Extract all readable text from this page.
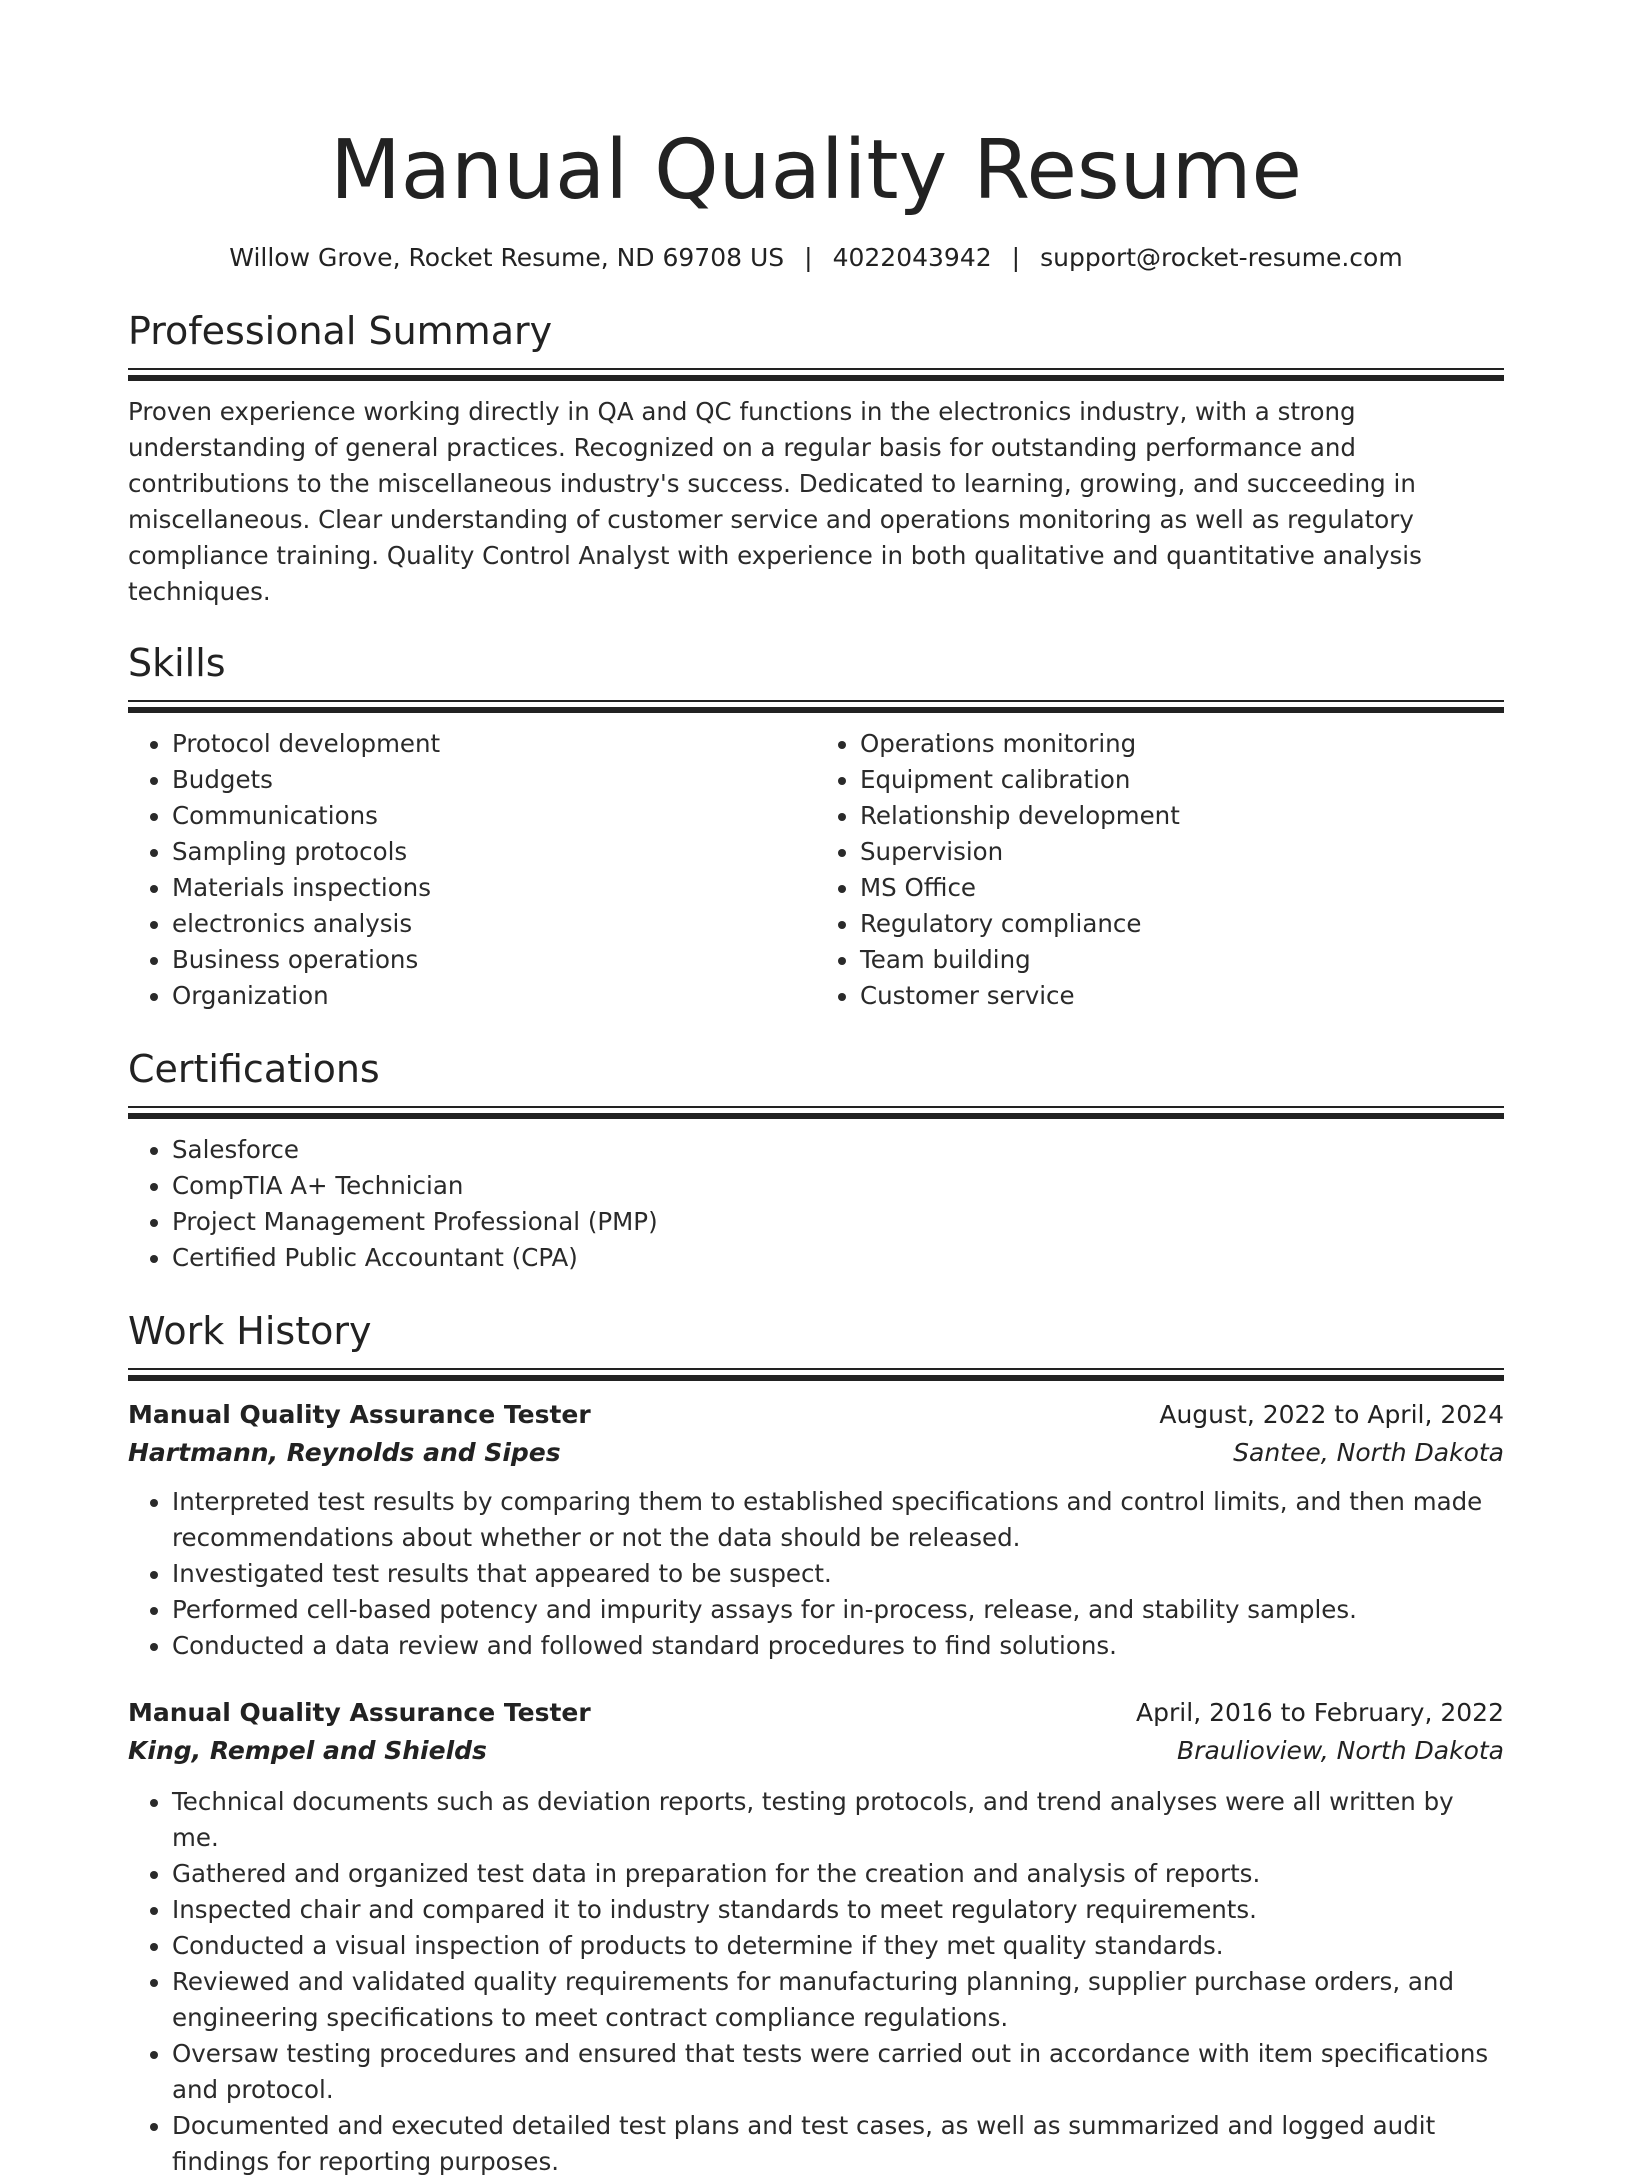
Manual Quality Resume
Willow Grove, Rocket Resume, ND 69708 US | 4022043942 | support@rocket-resume.com
Professional Summary

Proven experience working directly in QA and QC functions in the electronics industry, with a strong understanding of general practices. Recognized on a regular basis for outstanding performance and contributions to the miscellaneous industry's success. Dedicated to learning, growing, and succeeding in miscellaneous. Clear understanding of customer service and operations monitoring as well as regulatory compliance training. Quality Control Analyst with experience in both qualitative and quantitative analysis techniques.

Skills
• Protocol development
• Budgets
• Communications
• Sampling protocols
• Materials inspections
• electronics analysis
• Business operations
• Organization
• Operations monitoring
• Equipment calibration
• Relationship development
• Supervision
• MS Office
• Regulatory compliance
• Team building
• Customer service
Certifications
• Salesforce
• CompTIA A+ Technician
• Project Management Professional (PMP)
• Certified Public Accountant (CPA)
Work History
Manual Quality Assurance Tester	August, 2022 to April, 2024
Hartmann, Reynolds and Sipes	Santee, North Dakota
• Interpreted test results by comparing them to established specifications and control limits, and then made recommendations about whether or not the data should be released.
• Investigated test results that appeared to be suspect.
• Performed cell-based potency and impurity assays for in-process, release, and stability samples.
• Conducted a data review and followed standard procedures to find solutions.
Manual Quality Assurance Tester	April, 2016 to February, 2022
King, Rempel and Shields	Braulioview, North Dakota
• Technical documents such as deviation reports, testing protocols, and trend analyses were all written by me.
• Gathered and organized test data in preparation for the creation and analysis of reports.
• Inspected chair and compared it to industry standards to meet regulatory requirements.
• Conducted a visual inspection of products to determine if they met quality standards.
• Reviewed and validated quality requirements for manufacturing planning, supplier purchase orders, and engineering specifications to meet contract compliance regulations.
• Oversaw testing procedures and ensured that tests were carried out in accordance with item specifications and protocol.
• Documented and executed detailed test plans and test cases, as well as summarized and logged audit findings for reporting purposes.
